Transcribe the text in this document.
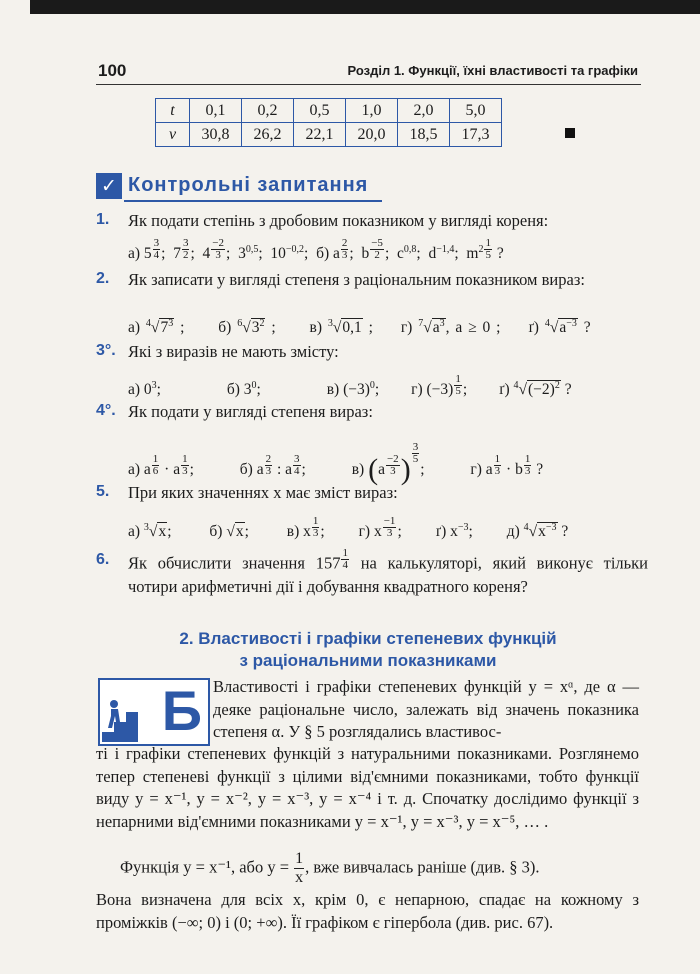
100	Розділ 1. Функції, їхні властивості та графіки
t	0,1	0,2	0,5	1,0	2,0	5,0
v	30,8	26,2	22,1	20,0	18,5	17,3
✓ Контрольні запитання
1. Як подати степінь з дробовим показником у вигляді кореня:
а) 5 $^{\frac{3}{4}}$ ;  7 $^{\frac{3}{2}}$ ;  4 $^{\frac{-2}{3}}$ ;  3$^{0,5}$;  $10^{-0,2}$;  б) a $^{\frac{2}{3}}$ ;  b $^{\frac{-5}{2}}$ ;  $c^{0,8}$;  $d^{-1,4}$;  $m^{2 \frac{1}{5}}$ ?
2. Як записати у вигляді степеня з раціональним показником вираз:
а) $^4√7^3$ ; б) $^6√3^2$ ; в) $^3$√0,1 ; г) $^7√a^3$, a ≥ 0 ; ґ) $^4√a^{-3}$ ?
3°. Які з виразів не мають змісту:
а) $0^3$;	б) $3^0$;	в) $(-3)^0$; г) (−3) $^{\frac{1}{5}}$ ; ґ) $^4√(-2)^2$ ?
4°. Як подати у вигляді степеня вираз:
а) a $^{\frac{1}{6}}$ · a $^{\frac{1}{3}}$ ;	б) a $^{\frac{2}{3}}$ : a $^{\frac{3}{4}}$ ;	в) (a $^{\frac{-2}{3}}$ ) $^{\frac{3}{5}}$
;	г) a $^{\frac{1}{3}}$ · b $^{\frac{1}{3}}$ ?
5. При яких значеннях x має зміст вираз:
а) $^3$√x; б) √x; в) x $^{\frac{1}{3}}$ ; г) x $^{\frac{-1}{3}}$ ; ґ) $x^{-3}$; д) $^4√x^{-3}$ ?
6. Як обчислити значення 157 $^{\frac{1}{4}}$ на калькуляторі, який виконує тільки чотири арифметичні дії і добування квадратного кореня?
2. Властивості і графіки степеневих функцій
з раціональними показниками
Б Властивості і графіки степеневих функцій y = xᵅ, де α — деяке раціональне число, залежать від значень показника степеня α. У § 5 розглядались властивос-
ті і графіки степеневих функцій з натуральними показниками. Розглянемо тепер степеневі функції з цілими від'ємними показниками, тобто функції виду y = x⁻¹, y = x⁻², y = x⁻³, y = x⁻⁴ і т. д. Спочатку дослідимо функції з непарними від'ємними показниками y = x⁻¹, y = x⁻³, y = x⁻⁵, … .
Функція y = x⁻¹, або $y = \frac{1}{x}$ , вже вивчалась раніше (див. § 3).
Вона визначена для всіх x, крім 0, є непарною, спадає на кожному з проміжків (−∞; 0) і (0; +∞). Її графіком є гіпербола (див. рис. 67).
